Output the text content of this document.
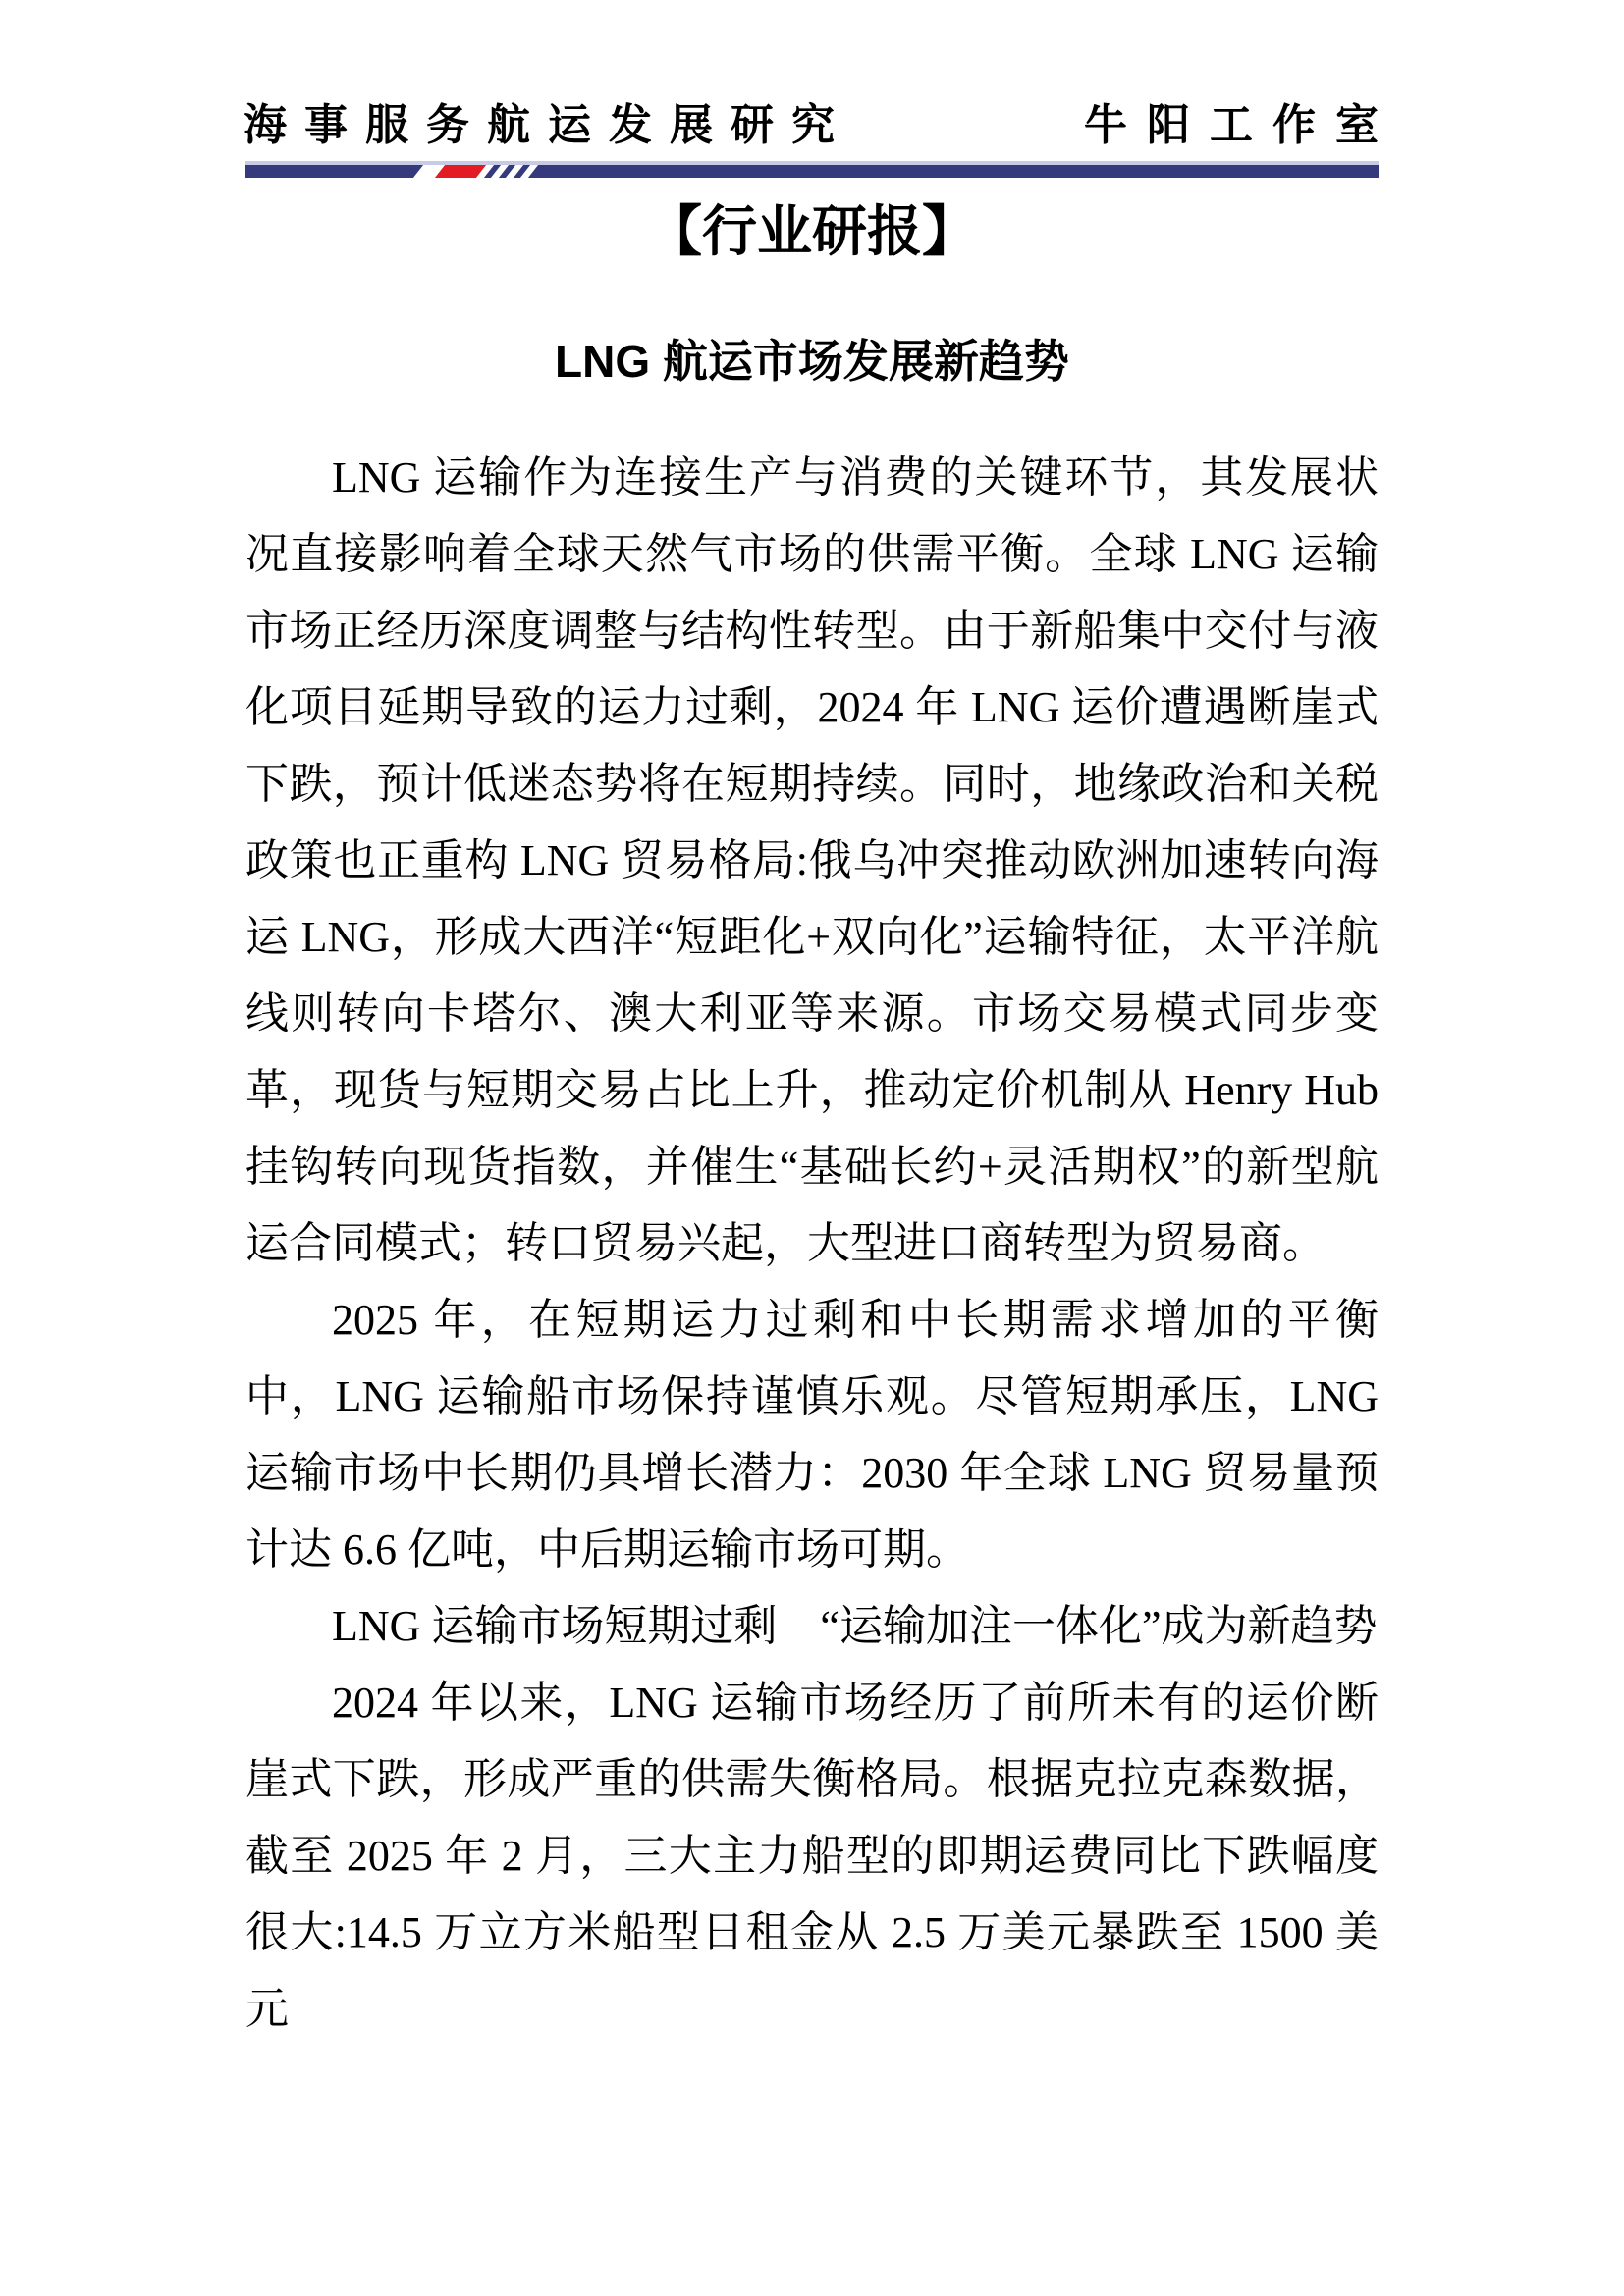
海事服务航运发展研究	牛阳工作室
【行业研报】
LNG 航运市场发展新趋势

LNG 运输作为连接生产与消费的关键环节，其发展状况直接影响着全球天然气市场的供需平衡。全球 LNG 运输市场正经历深度调整与结构性转型。由于新船集中交付与液化项目延期导致的运力过剩，2024 年 LNG 运价遭遇断崖式下跌，预计低迷态势将在短期持续。同时，地缘政治和关税政策也正重构 LNG 贸易格局:俄乌冲突推动欧洲加速转向海运 LNG，形成大西洋“短距化+双向化”运输特征，太平洋航线则转向卡塔尔、澳大利亚等来源。市场交易模式同步变革，现货与短期交易占比上升，推动定价机制从 Henry Hub 挂钩转向现货指数，并催生“基础长约+灵活期权”的新型航运合同模式；转口贸易兴起，大型进口商转型为贸易商。

2025 年，在短期运力过剩和中长期需求增加的平衡中，LNG 运输船市场保持谨慎乐观。尽管短期承压，LNG 运输市场中长期仍具增长潜力：2030 年全球 LNG 贸易量预计达 6.6 亿吨，中后期运输市场可期。

LNG 运输市场短期过剩　“运输加注一体化”成为新趋势

2024 年以来，LNG 运输市场经历了前所未有的运价断崖式下跌，形成严重的供需失衡格局。根据克拉克森数据，截至 2025 年 2 月，三大主力船型的即期运费同比下跌幅度很大:14.5 万立方米船型日租金从 2.5 万美元暴跌至 1500 美元
